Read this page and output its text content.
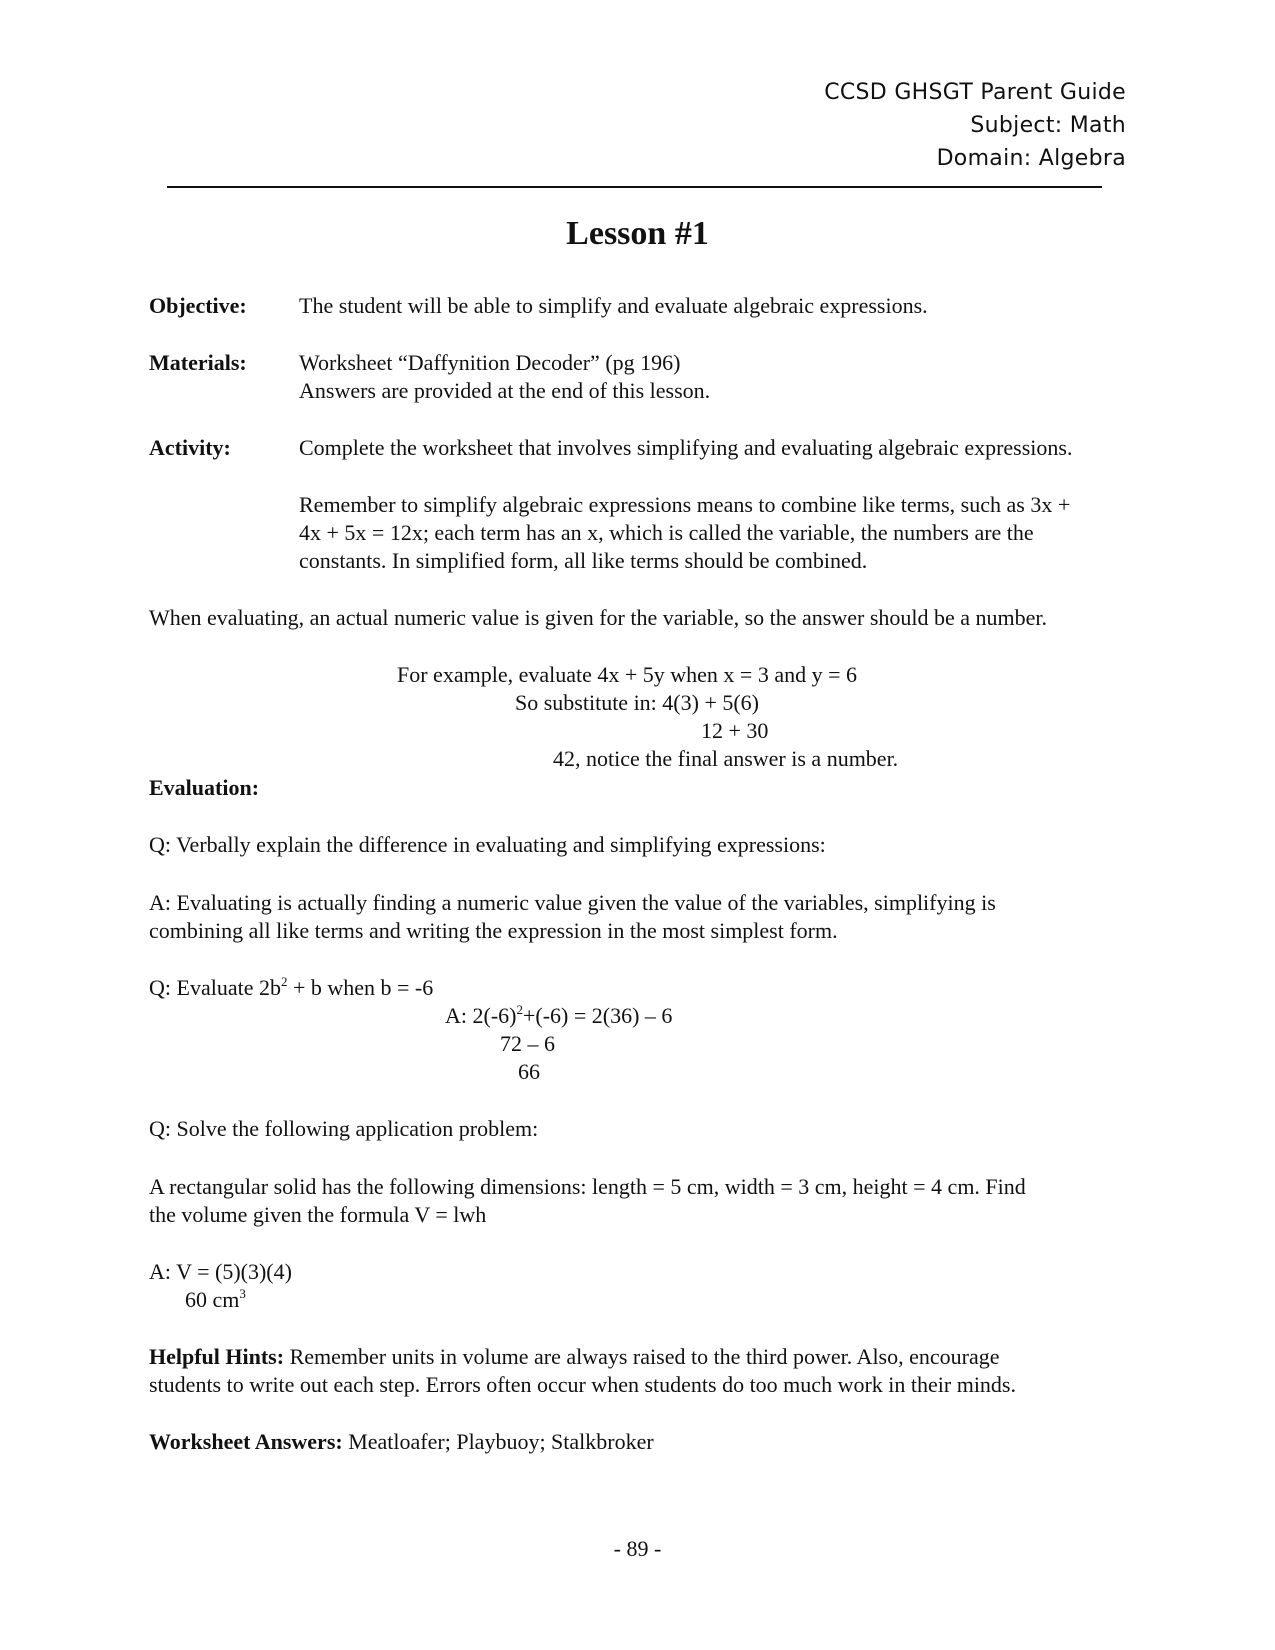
CCSD GHSGT Parent Guide
Subject: Math
Domain: Algebra
Lesson #1
Objective: The student will be able to simplify and evaluate algebraic expressions.
Materials: Worksheet “Daffynition Decoder” (pg 196)
Answers are provided at the end of this lesson.
Activity:	Complete the worksheet that involves simplifying and evaluating algebraic expressions.
Remember to simplify algebraic expressions means to combine like terms, such as 3x +
4x + 5x = 12x; each term has an x, which is called the variable, the numbers are the
constants. In simplified form, all like terms should be combined.
When evaluating, an actual numeric value is given for the variable, so the answer should be a number.
For example, evaluate 4x + 5y when x = 3 and y = 6
So substitute in: 4(3) + 5(6)
12 + 30
42, notice the final answer is a number.
Evaluation:
Q: Verbally explain the difference in evaluating and simplifying expressions:
A: Evaluating is actually finding a numeric value given the value of the variables, simplifying is
combining all like terms and writing the expression in the most simplest form.
Q: Evaluate $2b^2 + b$ when b = -6
A: $2(-6)^2+(-6) = 2(36) - 6$
72 – 6
66
Q: Solve the following application problem:
A rectangular solid has the following dimensions: length = 5 cm, width = 3 cm, height = 4 cm. Find
the volume given the formula V = lwh
A: V = (5)(3)(4)
60 $cm^3$
Helpful Hints: Remember units in volume are always raised to the third power. Also, encourage
students to write out each step. Errors often occur when students do too much work in their minds.
Worksheet Answers: Meatloafer; Playbuoy; Stalkbroker
- 89 -
